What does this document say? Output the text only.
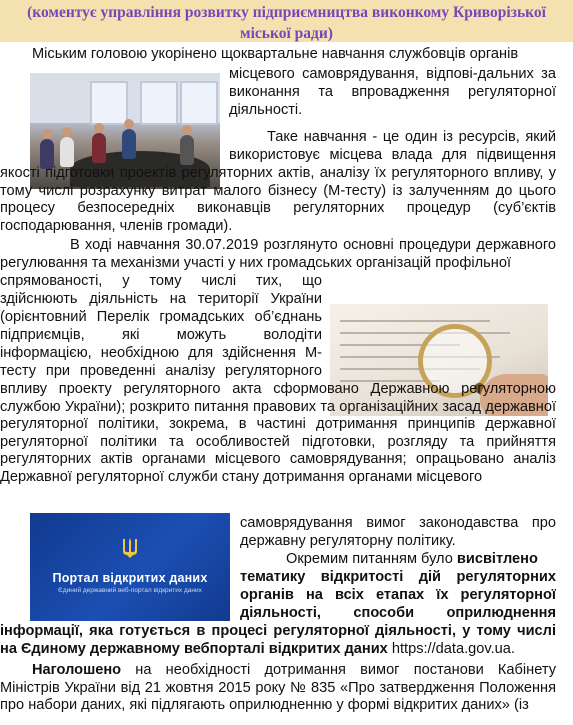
(коментує управління розвитку підприємництва виконкому Криворізької
міської ради)

Міським головою укорінено щоквартальне навчання службовців органів

місцевого самоврядування, відпові-дальних за

виконання та впровадження регуляторної

діяльності.

Таке навчання - це один із ресурсів, який

використовує місцева влада для підвищення

якості підготовки проектів регуляторних актів, аналізу їх регуляторного впливу, у тому числі розрахунку витрат малого бізнесу (М-тесту) із залученням до цього процесу безпосередніх виконавців регуляторних процедур (суб’єктів господарювання, членів громади).

В ході навчання 30.07.2019 розглянуто основні процедури державного регулювання та механізми участі у них громадських організацій профільної

спрямованості, у тому числі тих, що

здійснюють діяльність на території України

(орієнтовний Перелік громадських об’єднань

підприємців, які можуть володіти

інформацією, необхідною для здійснення М-

тесту при проведенні аналізу регуляторного

впливу проекту регуляторного акта сформовано Державною регуляторною службою України); розкрито питання правових та організаційних засад державної регуляторної політики, зокрема, в частині дотримання принципів державної регуляторної політики та особливостей підготовки, розгляду та прийняття регуляторних актів органами місцевого самоврядування; опрацьовано аналіз Державної регуляторної служби стану дотримання органами місцевого

Портал відкритих даних
Єдиний державний веб-портал відкритих даних

самоврядування вимог законодавства про

державну регуляторну політику.

Окремим питанням було висвітлено

тематику відкритості дій регуляторних

органів на всіх етапах їх регуляторної

діяльності, способи оприлюднення

інформації, яка готується в процесі регуляторної діяльності, у тому числі на Єдиному державному вебпорталі відкритих даних https://data.gov.ua.

Наголошено на необхідності дотримання вимог постанови Кабінету Міністрів України від 21 жовтня 2015 року № 835 «Про затвердження Положення про набори даних, які підлягають оприлюдненню у формі відкритих даних» (із
